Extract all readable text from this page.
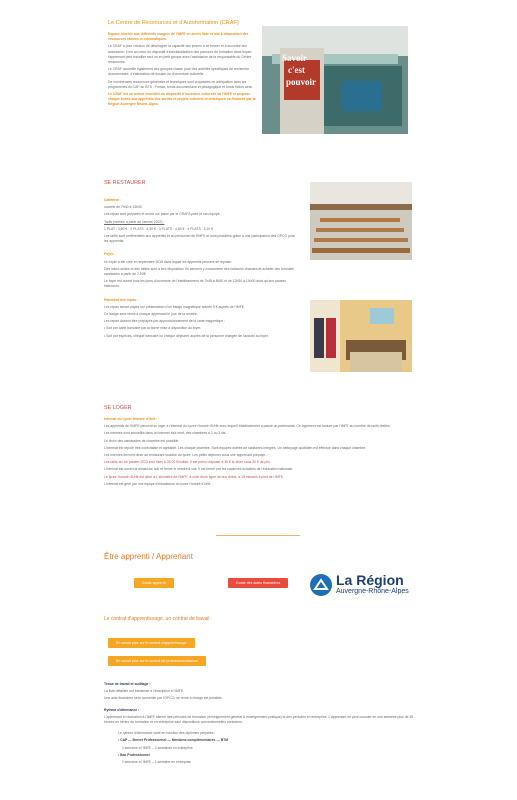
Le Centre de Ressources et d'Autoformation (CRAF)

Espace réservé aux différents usagers de l'IMFE en accès libre et mis à disposition des ressources variées et informatiques.

Le CRAF a pour mission de développer la capacité des jeunes à se former et à accroître leur autonomie. Il est au cœur du dispositif d'individualisation des parcours de formation dans lequel l'apprenant peut travailler seul ou en petit groupe avec l'assistance de la responsable du Centre ressources.

Le CRAF accueille également des groupes classe pour des activités spécifiques de recherche documentaire, d'élaboration de dossier ou d'ouverture culturelle.

De nombreuses ressources générales et techniques sont proposées en adéquation avec les programmes du CAP au BTS : Presse, fonds documentaire et pédagogique et fonds fiction ainsi.

Le CRAF est un acteur essentiel du dispositif d'ouverture culturelle de l'IMFE et propose chaque année aux apprentis des sorties et projets culturels et artistiques co-financés par la Région Auvergne Rhône-Alpes.

Savoir
c'est
pouvoir
SE RESTAURER

Cafeteria :

ouverte de 7h30 à 13h30

Les repas sont préparés et servis sur place par le CRAF/Lycée et son équipe.

Tarifs (rentrée à partir de l'année 2022) :

1 PLAT : 3,60 € · 2 PLATS : 4,30 € · 3 PLATS : 4,80 € · 4 PLATS : 5,10 €

Les tarifs sont préférentiels aux apprentis et au personnel de l'IMFE et sont possibles grâce à une participation des OPCO pour les apprentis.

Foyer :

Un foyer a été créé en septembre 2018 dans lequel les apprentis peuvent se reposer.

Des micro-ondes et des tables sont à leur disposition. Ils peuvent y consommer des boissons chaudes et acheter des formules sandwichs à partir de 2,50€.

Le foyer est ouvert tous les jours d'ouverture de l'établissement de 7h45 à 8h30 et de 12h30 à 14h00 ainsi qu'aux pauses intercours.

Paiement des repas :

Les repas seront payés sur présentation d'un badge magnétique acheté 5 € auprès de l'IMFE.

Ce badge sera remis à chaque apprenant le jour de la rentrée.

Les repas doivent être prépayés par approvisionnement de la carte magnétique :

• Soit par carte bancaire par la borne mise à disposition au foyer.

• Soit par espèces, chèque bancaire ou chèque déjeuner auprès de la personne chargée de l'accueil au foyer.

SE LOGER

Internat du Lycée Honoré d'Urfé :

Les apprentis de l'IMFE peuvent se loger à l'internat du Lycée Honoré d'Urfé avec lequel l'établissement a passé un partenariat. Ce logement est facturé par l'IMFE au nombre de nuits réelles.

Les internes sont accueillis dans un internet tout neuf, des chambres à 2 ou 3 lits.

Le choix des camarades de chambre est possible.

L'internat est réputé très confortable et agréable. Les chaque chambre. Sont équipés dotées de sanitaires intégrés. Un nettoyage quotidien est effectué dans chaque chambre.

Les internes devront dîner au restaurant scolaire du lycée. Les petits déjeuner sous une apprenant prépaye.

Les tarifs au 1er janvier 2023 sont fixés à 25,00 €/nuitée. Il est prévu d'ajouter à 36 € le dîner sous 30 € de prix.

L'internat est ouvert la dimanche soir et fermé le vendredi soir. Il est fermé par les vacances scolaires de l'éducation nationale.

Le lycée Honoré d'Urfé est situé à 1 kilomètre de l'IMFE, à côté d'une ligne de bus direct, à 15 minutes à pied de l'IMFE.

L'internat est géré par une équipe d'éducateurs du lycée Honoré d'Urfé.

Être apprenti / Apprenant
Guide apprenti	Guide des aides financières	La Région
Auvergne-Rhône-Alpes
Le contrat d'apprentissage, un contrat de travail :
En savoir plus sur le contrat d'apprentissage
En savoir plus sur le contrat de professionnalisation

Tenue de travail et outillage :

La liste détaillée est transmise à l'inscription à l'IMFE.

Une aide financière sera consentie par l'OPCO, se renre à charge est possible.

Rythme d'alternance :

L'apprenant en formation à l'IMFE alterne des périodes de formation (enseignement général & enseignement pratique) et des périodes en entreprise. L'apprenant ne peut cumuler en une semaine plus de 35 heures en centre de formation et en entreprise sauf dispositions conventionnelles contraires.

Le rythme d'alternance varie en fonction des diplômes préparés :

• CAP — Brevet Professionnel — Mentions complémentaires — BTM

1 semaine à l'IMFE – 2 semaines en entreprise

• Bac Professionnel

1 semaine à l'IMFE – 1 semaine en entreprise
